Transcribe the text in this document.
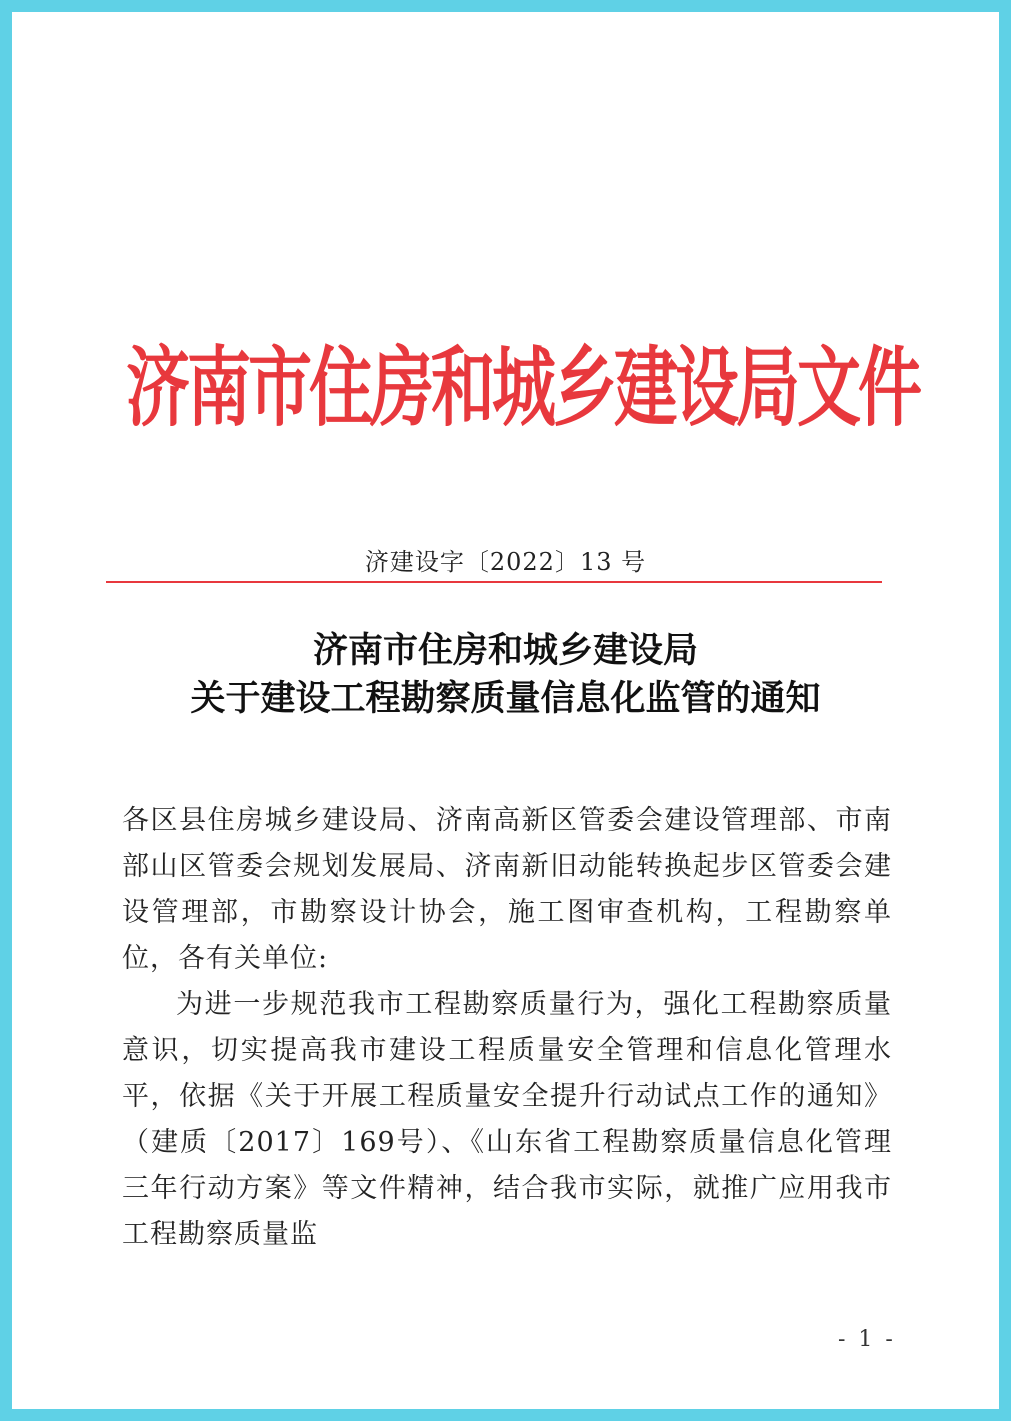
济南市住房和城乡建设局文件
济建设字〔2022〕13 号
济南市住房和城乡建设局
关于建设工程勘察质量信息化监管的通知

各区县住房城乡建设局、济南高新区管委会建设管理部、市南部山区管委会规划发展局、济南新旧动能转换起步区管委会建设管理部，市勘察设计协会，施工图审查机构，工程勘察单位，各有关单位:

为进一步规范我市工程勘察质量行为，强化工程勘察质量意识，切实提高我市建设工程质量安全管理和信息化管理水平，依据《关于开展工程质量安全提升行动试点工作的通知》（建质〔2017〕169号）、《山东省工程勘察质量信息化管理三年行动方案》等文件精神，结合我市实际，就推广应用我市工程勘察质量监

- 1 -
